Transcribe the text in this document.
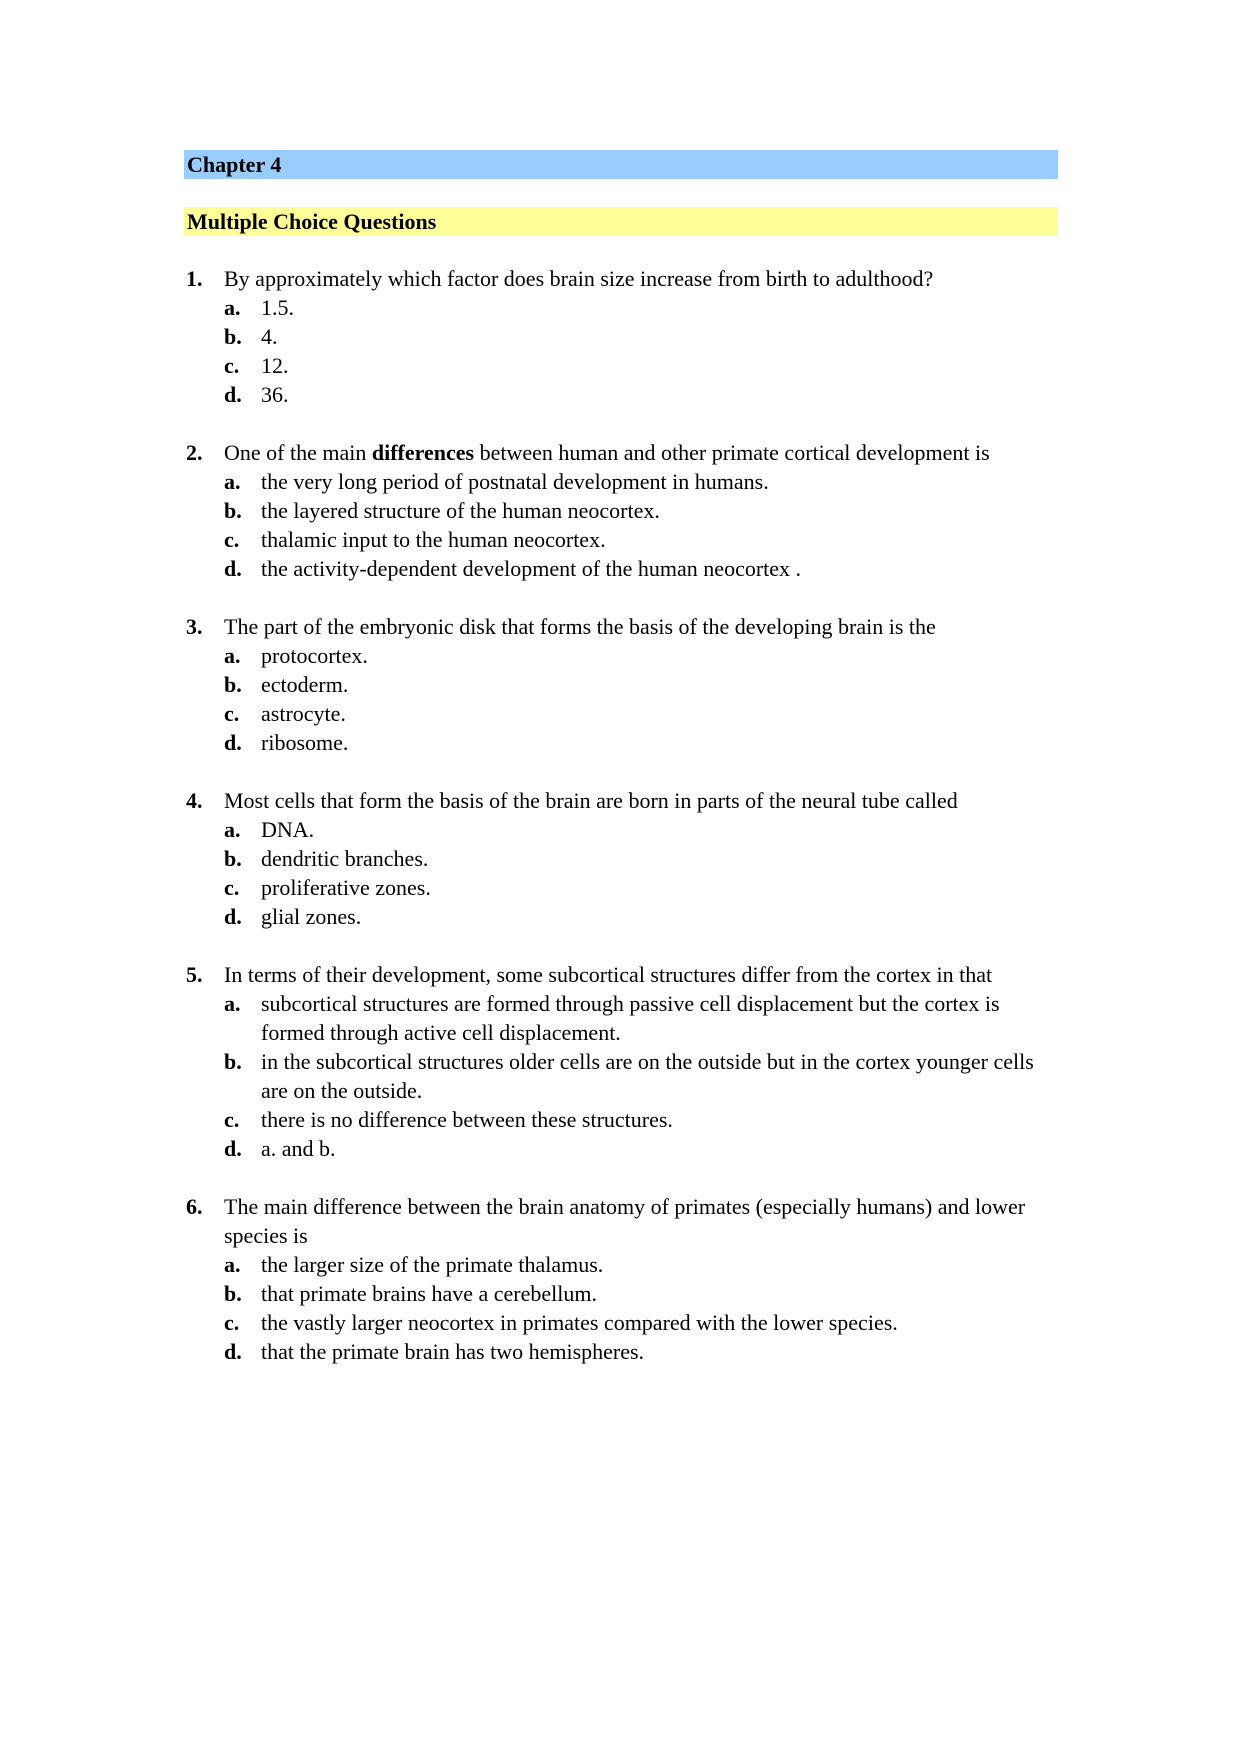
Chapter 4
Multiple Choice Questions
1. By approximately which factor does brain size increase from birth to adulthood?
a. 1.5.
b. 4.
c. 12.
d. 36.
2. One of the main differences between human and other primate cortical development is
a. the very long period of postnatal development in humans.
b. the layered structure of the human neocortex.
c. thalamic input to the human neocortex.
d. the activity-dependent development of the human neocortex .
3. The part of the embryonic disk that forms the basis of the developing brain is the
a. protocortex.
b. ectoderm.
c. astrocyte.
d. ribosome.
4. Most cells that form the basis of the brain are born in parts of the neural tube called
a. DNA.
b. dendritic branches.
c. proliferative zones.
d. glial zones.
5. In terms of their development, some subcortical structures differ from the cortex in that
a. subcortical structures are formed through passive cell displacement but the cortex is formed through active cell displacement.
b. in the subcortical structures older cells are on the outside but in the cortex younger cells are on the outside.
c. there is no difference between these structures.
d. a. and b.
6. The main difference between the brain anatomy of primates (especially humans) and lower species is
a. the larger size of the primate thalamus.
b. that primate brains have a cerebellum.
c. the vastly larger neocortex in primates compared with the lower species.
d. that the primate brain has two hemispheres.
